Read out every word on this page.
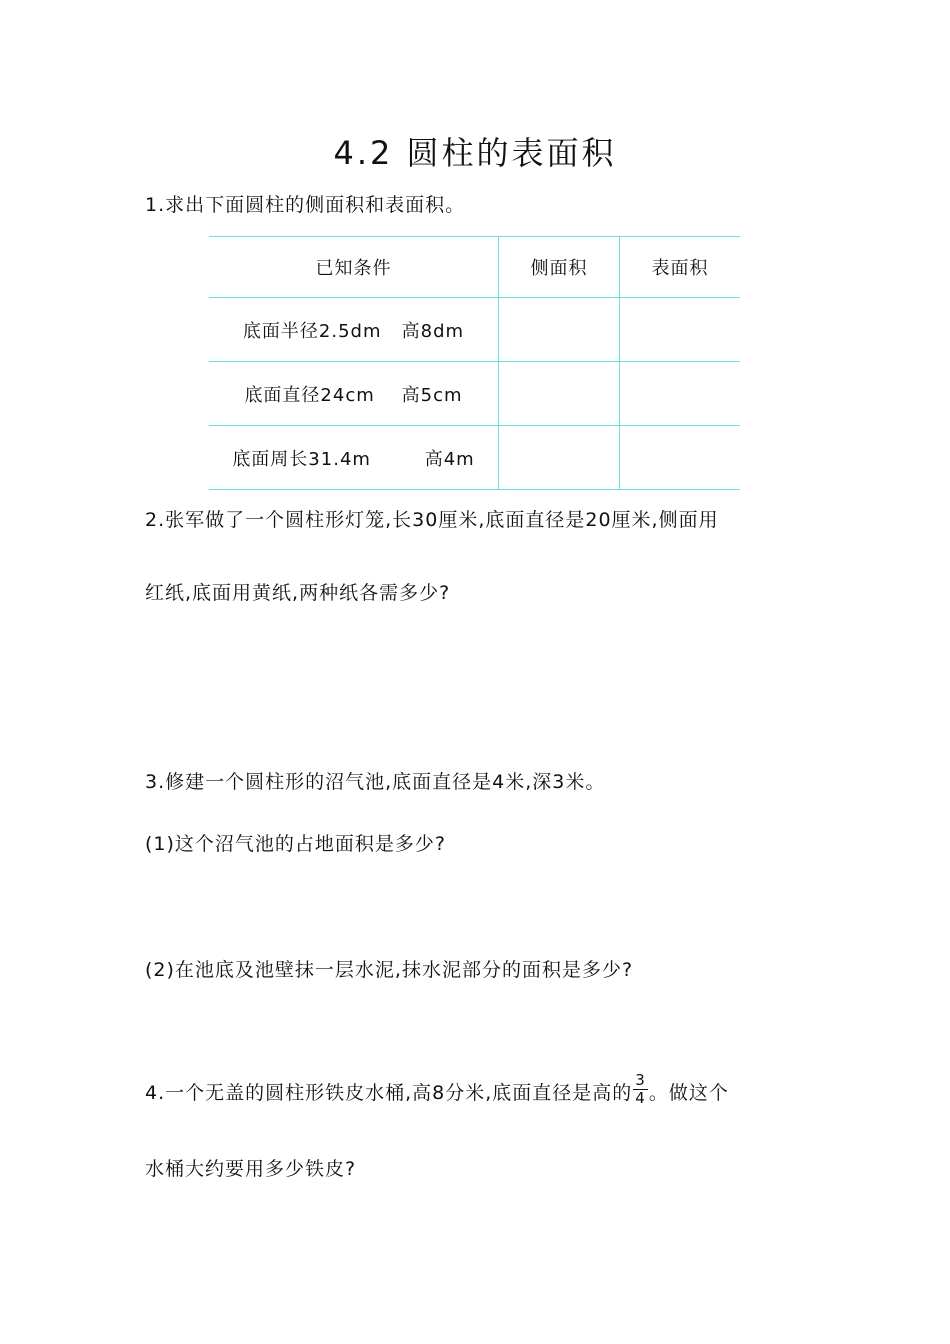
4.2 圆柱的表面积

1.求出下面圆柱的侧面积和表面积。

已知条件	侧面积	表面积
底面半径2.5dm   高8dm		
底面直径24cm    高5cm		
底面周长31.4m        高4m		

2.张军做了一个圆柱形灯笼,长30厘米,底面直径是20厘米,侧面用

红纸,底面用黄纸,两种纸各需多少?

3.修建一个圆柱形的沼气池,底面直径是4米,深3米。

(1)这个沼气池的占地面积是多少?

(2)在池底及池壁抹一层水泥,抹水泥部分的面积是多少?

4.一个无盖的圆柱形铁皮水桶,高8分米,底面直径是高的 $\frac{3}{4}$ 。做这个

水桶大约要用多少铁皮?
